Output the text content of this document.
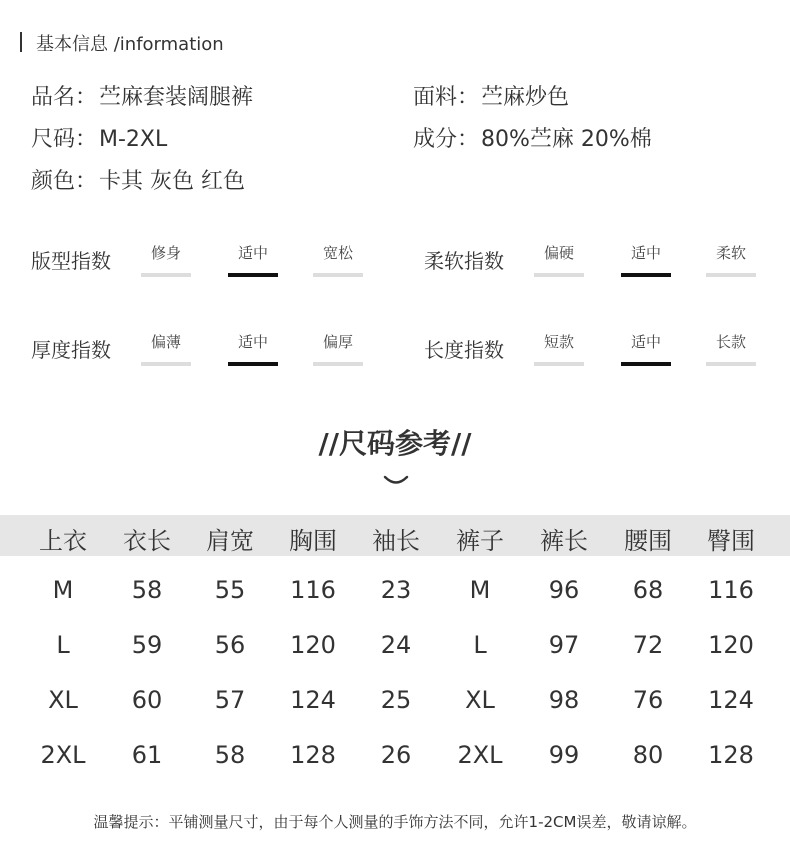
基本信息 /information
品名：苎麻套装阔腿裤	面料：苎麻炒色
尺码：M-2XL	成分：80%苎麻 20%棉
颜色：卡其 灰色 红色
版型指数	修身	适中	宽松	柔软指数	偏硬	适中	柔软
厚度指数	偏薄	适中	偏厚	长度指数	短款	适中	长款
//尺码参考//
上衣	衣长	肩宽	胸围	袖长	裤子	裤长	腰围	臀围
M	58	55	116	23	M	96	68	116
L	59	56	120	24	L	97	72	120
XL	60	57	124	25	XL	98	76	124
2XL	61	58	128	26	2XL	99	80	128
温馨提示：平铺测量尺寸，由于每个人测量的手饰方法不同，允许1-2CM误差，敬请谅解。
